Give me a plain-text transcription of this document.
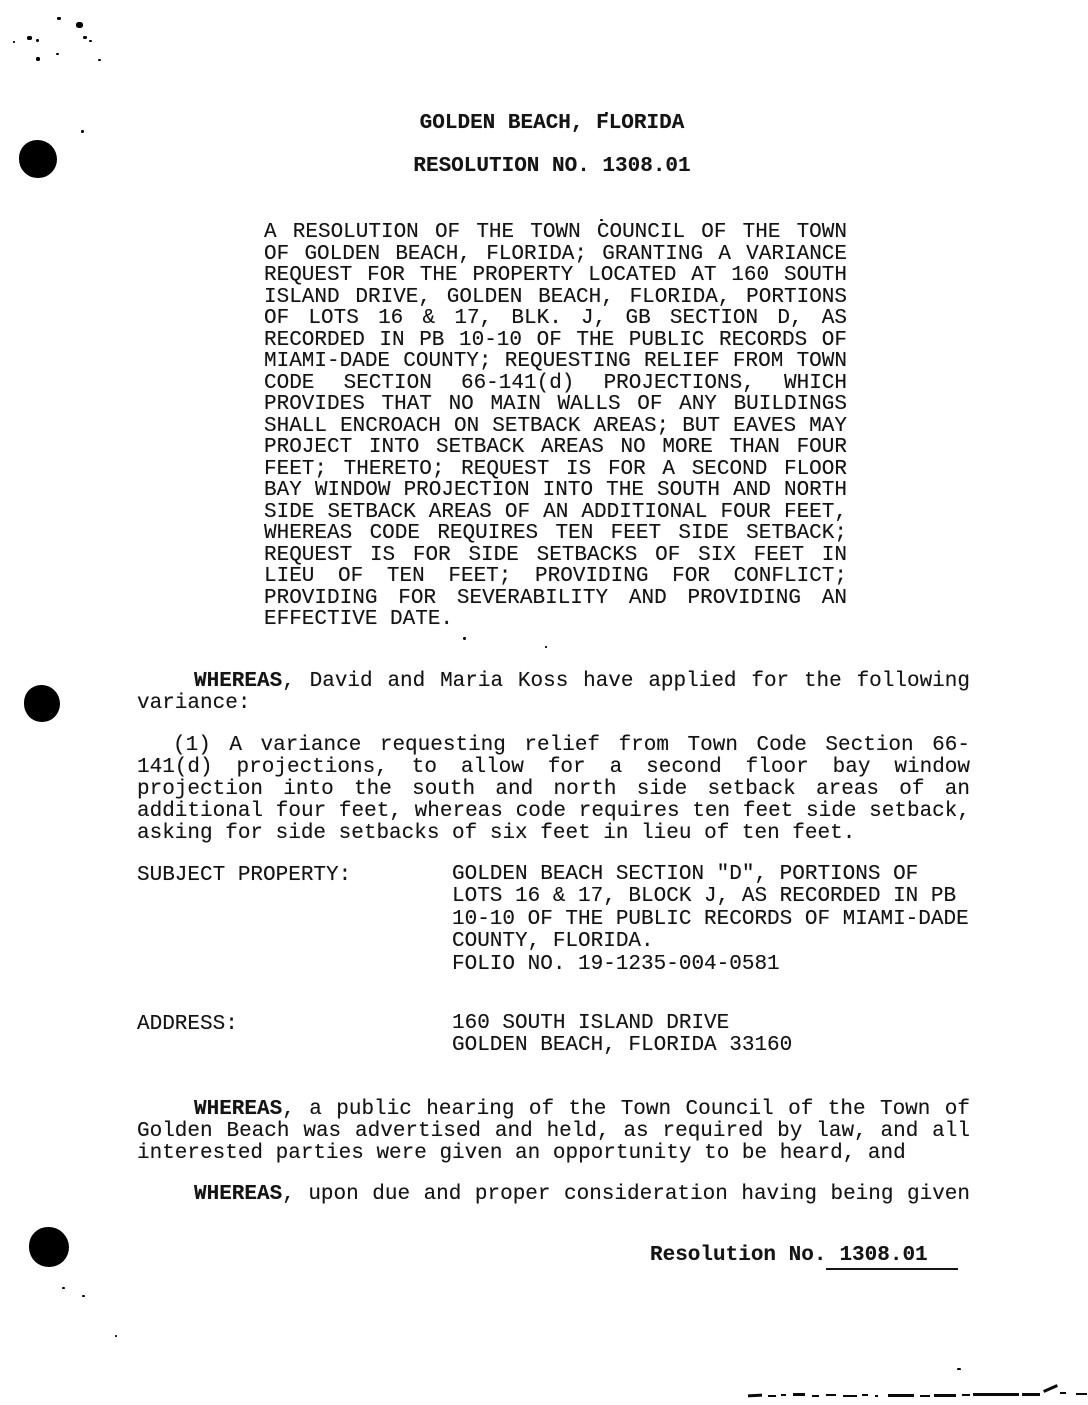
GOLDEN BEACH, FLORIDA
RESOLUTION NO. 1308.01
A RESOLUTION OF THE TOWN COUNCIL OF THE TOWN
OF GOLDEN BEACH, FLORIDA; GRANTING A VARIANCE
REQUEST FOR THE PROPERTY LOCATED AT 160 SOUTH
ISLAND DRIVE, GOLDEN BEACH, FLORIDA, PORTIONS
OF LOTS 16 & 17, BLK. J, GB SECTION D, AS
RECORDED IN PB 10-10 OF THE PUBLIC RECORDS OF
MIAMI-DADE COUNTY; REQUESTING RELIEF FROM TOWN
CODE SECTION 66-141(d) PROJECTIONS, WHICH
PROVIDES THAT NO MAIN WALLS OF ANY BUILDINGS
SHALL ENCROACH ON SETBACK AREAS; BUT EAVES MAY
PROJECT INTO SETBACK AREAS NO MORE THAN FOUR
FEET; THERETO; REQUEST IS FOR A SECOND FLOOR
BAY WINDOW PROJECTION INTO THE SOUTH AND NORTH
SIDE SETBACK AREAS OF AN ADDITIONAL FOUR FEET,
WHEREAS CODE REQUIRES TEN FEET SIDE SETBACK;
REQUEST IS FOR SIDE SETBACKS OF SIX FEET IN
LIEU OF TEN FEET; PROVIDING FOR CONFLICT;
PROVIDING FOR SEVERABILITY AND PROVIDING AN
EFFECTIVE DATE.
WHEREAS, David and Maria Koss have applied for the following
variance:
(1) A variance requesting relief from Town Code Section 66-
141(d) projections, to allow for a second floor bay window
projection into the south and north side setback areas of an
additional four feet, whereas code requires ten feet side setback,
asking for side setbacks of six feet in lieu of ten feet.
SUBJECT PROPERTY:	GOLDEN BEACH SECTION "D", PORTIONS OF
LOTS 16 & 17, BLOCK J, AS RECORDED IN PB
10-10 OF THE PUBLIC RECORDS OF MIAMI-DADE
COUNTY, FLORIDA.
FOLIO NO. 19-1235-004-0581
ADDRESS:	160 SOUTH ISLAND DRIVE
GOLDEN BEACH, FLORIDA 33160
WHEREAS, a public hearing of the Town Council of the Town of
Golden Beach was advertised and held, as required by law, and all
interested parties were given an opportunity to be heard, and
WHEREAS, upon due and proper consideration having being given
Resolution No. 1308.01
